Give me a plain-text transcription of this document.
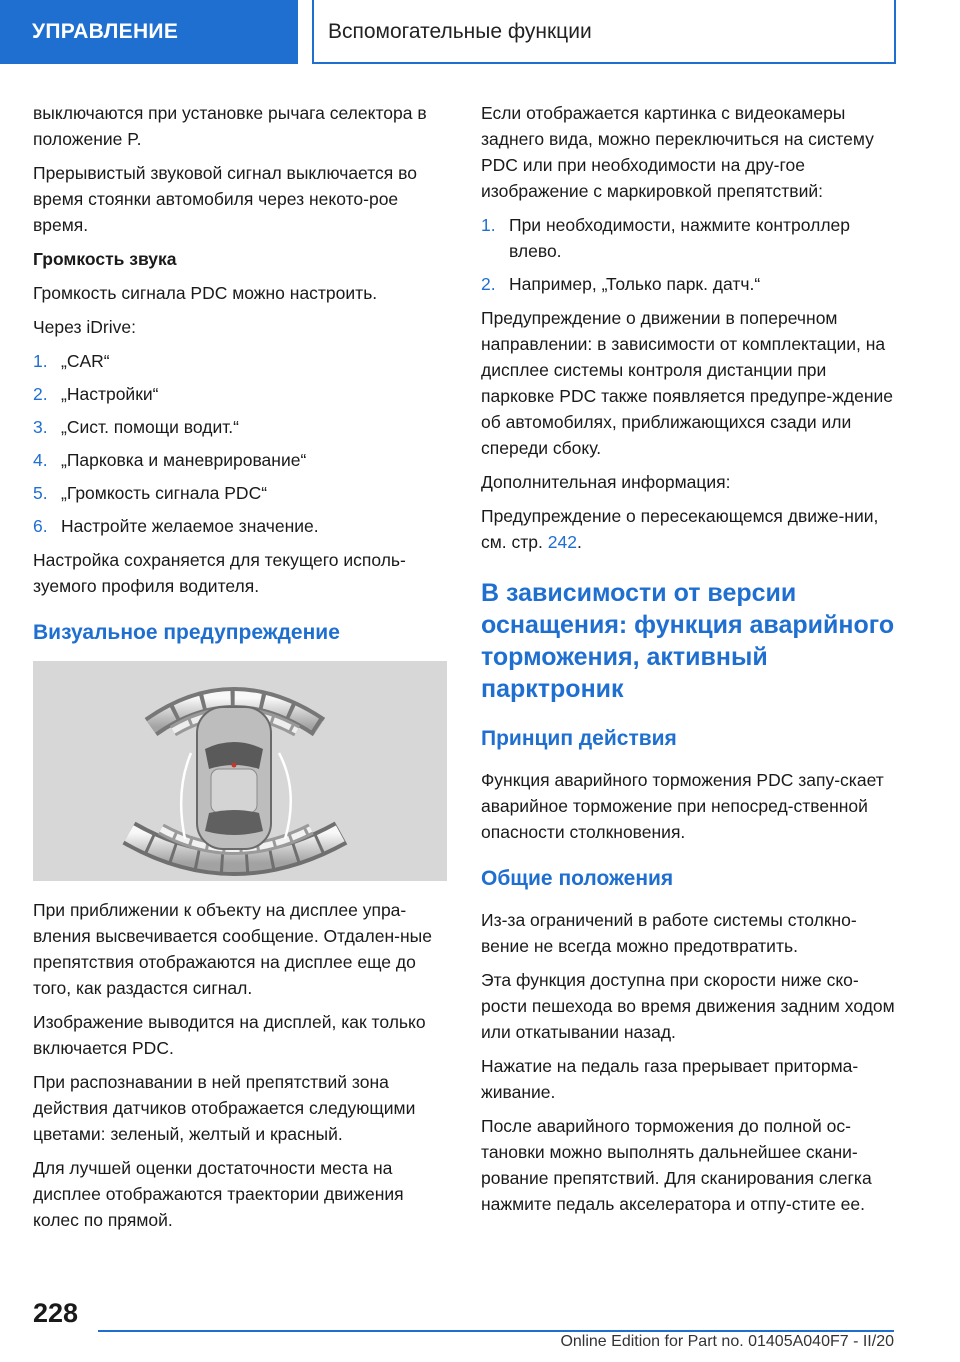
УПРАВЛЕНИЕ	Вспомогательные функции

выключаются при установке рычага селектора в положение P.

Прерывистый звуковой сигнал выключается во время стоянки автомобиля через некото-рое время.

Громкость звука

Громкость сигнала PDC можно настроить.

Через iDrive:

1. „CAR“
2. „Настройки“
3. „Сист. помощи водит.“
4. „Парковка и маневрирование“
5. „Громкость сигнала PDC“
6. Настройте желаемое значение.

Настройка сохраняется для текущего исполь-зуемого профиля водителя.

Визуальное предупреждение

При приближении к объекту на дисплее упра-вления высвечивается сообщение. Отдален-ные препятствия отображаются на дисплее еще до того, как раздастся сигнал.

Изображение выводится на дисплей, как только включается PDC.

При распознавании в ней препятствий зона действия датчиков отображается следующими цветами: зеленый, желтый и красный.

Для лучшей оценки достаточности места на дисплее отображаются траектории движения колес по прямой.

Если отображается картинка с видеокамеры заднего вида, можно переключиться на систему PDC или при необходимости на дру-гое изображение с маркировкой препятствий:

1. При необходимости, нажмите контроллер влево.
2. Например, „Только парк. датч.“

Предупреждение о движении в поперечном направлении: в зависимости от комплектации, на дисплее системы контроля дистанции при парковке PDC также появляется предупре-ждение об автомобилях, приближающихся сзади или спереди сбоку.

Дополнительная информация:

Предупреждение о пересекающемся движе-нии, см. стр. 242.

В зависимости от версии оснащения: функция аварийного торможения, активный парктроник
Принцип действия

Функция аварийного торможения PDC запу-скает аварийное торможение при непосред-ственной опасности столкновения.

Общие положения

Из-за ограничений в работе системы столкно-вение не всегда можно предотвратить.

Эта функция доступна при скорости ниже ско-рости пешехода во время движения задним ходом или откатывании назад.

Нажатие на педаль газа прерывает приторма-живание.

После аварийного торможения до полной ос-тановки можно выполнять дальнейшее скани-рование препятствий. Для сканирования слегка нажмите педаль акселератора и отпу-стите ее.

228
Online Edition for Part no. 01405A040F7 - II/20
